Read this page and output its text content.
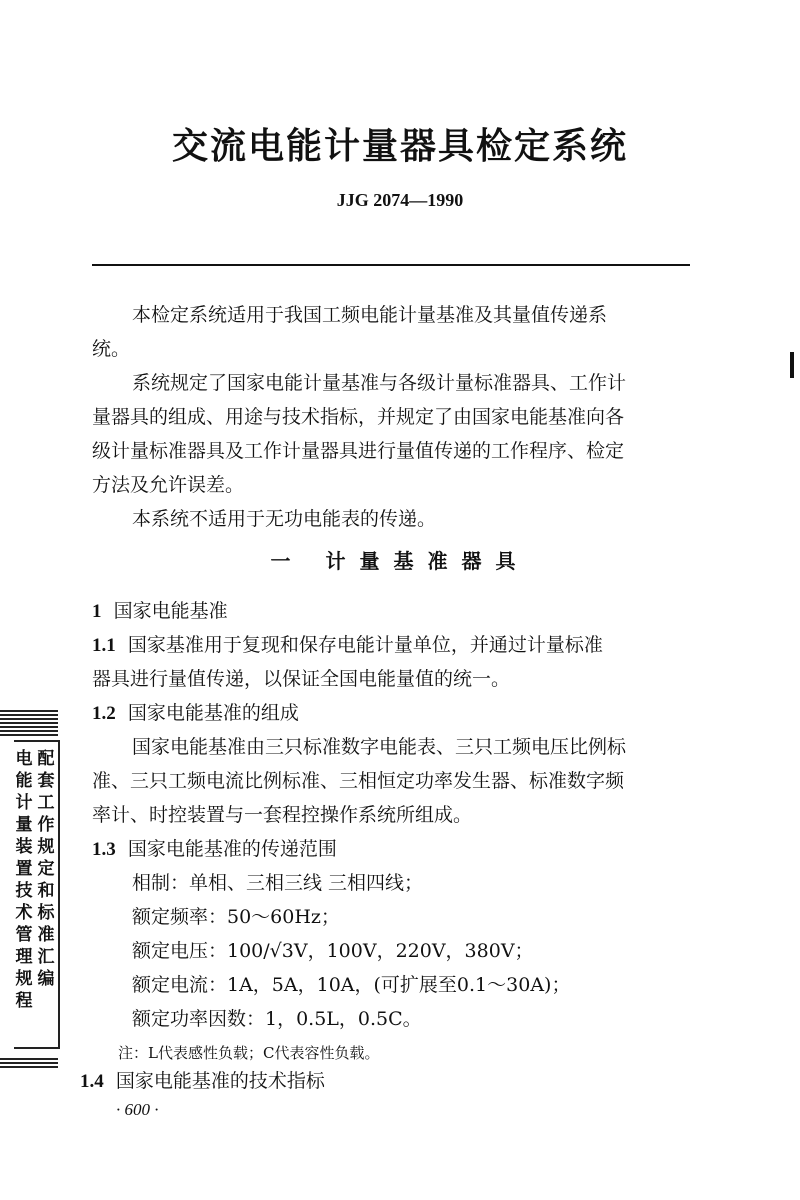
交流电能计量器具检定系统
JJG 2074—1990
本检定系统适用于我国工频电能计量基准及其量值传递系
统。
系统规定了国家电能计量基准与各级计量标准器具、工作计
量器具的组成、用途与技术指标，并规定了由国家电能基准向各
级计量标准器具及工作计量器具进行量值传递的工作程序、检定
方法及允许误差。
本系统不适用于无功电能表的传递。
一 计量基准器具
1 国家电能基准
1.1 国家基准用于复现和保存电能计量单位，并通过计量标准
器具进行量值传递，以保证全国电能量值的统一。
1.2 国家电能基准的组成
国家电能基准由三只标准数字电能表、三只工频电压比例标
准、三只工频电流比例标准、三相恒定功率发生器、标准数字频
率计、时控装置与一套程控操作系统所组成。
1.3 国家电能基准的传递范围
相制：单相、三相三线 三相四线；
额定频率：50～60Hz；
额定电压：100/√3V，100V，220V，380V；
额定电流：1A，5A，10A，(可扩展至0.1～30A)；
额定功率因数：1，0.5L，0.5C。
注：L代表感性负载；C代表容性负载。
1.4 国家电能基准的技术指标
· 600 ·
电能计量装置技术管理规程
配套工作规定和标准汇编
